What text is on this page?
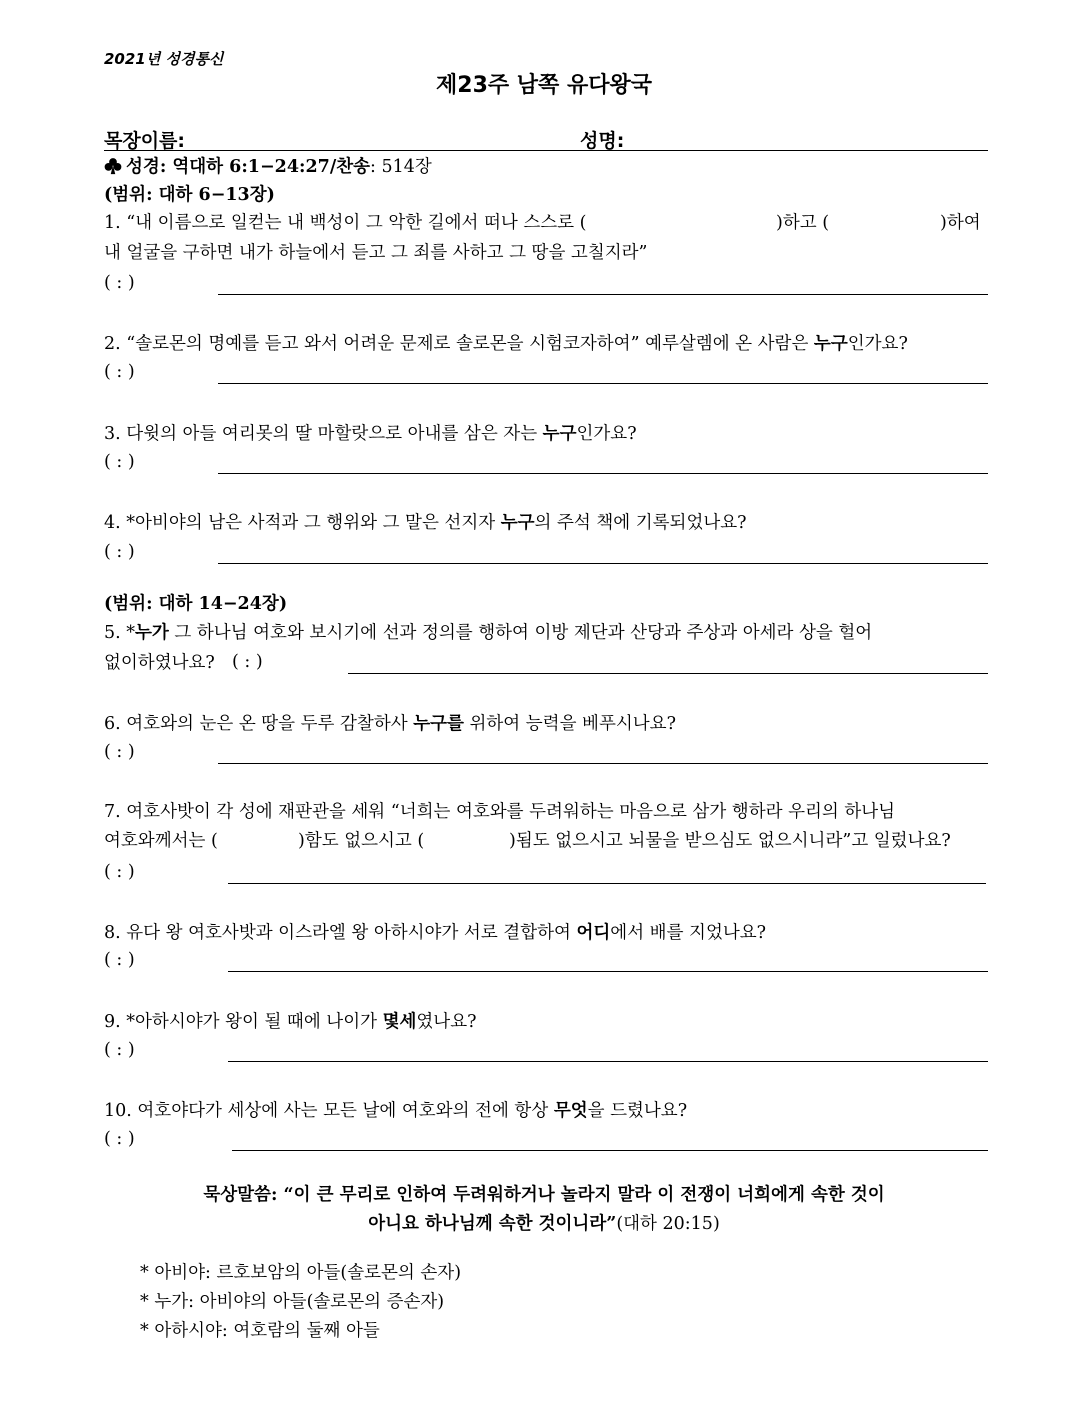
2021년 성경통신
제23주 남쪽 유다왕국
목장이름:	성명:
성경: 역대하 6:1−24:27/찬송: 514장
(범위: 대하 6−13장)
1. “내 이름으로 일컫는 내 백성이 그 악한 길에서 떠나 스스로 (	)하고 (	)하여
내 얼굴을 구하면 내가 하늘에서 듣고 그 죄를 사하고 그 땅을 고칠지라”
( : )
2. “솔로몬의 명예를 듣고 와서 어려운 문제로 솔로몬을 시험코자하여” 예루살렘에 온 사람은 누구인가요?
( : )
3. 다윗의 아들 여리못의 딸 마할랏으로 아내를 삼은 자는 누구인가요?
( : )
4. *아비야의 남은 사적과 그 행위와 그 말은 선지자 누구의 주석 책에 기록되었나요?
( : )
(범위: 대하 14−24장)
5. *누가 그 하나님 여호와 보시기에 선과 정의를 행하여 이방 제단과 산당과 주상과 아세라 상을 헐어
없이하였나요? ( : )
6. 여호와의 눈은 온 땅을 두루 감찰하사 누구를 위하여 능력을 베푸시나요?
( : )
7. 여호사밧이 각 성에 재판관을 세워 “너희는 여호와를 두려워하는 마음으로 삼가 행하라 우리의 하나님
여호와께서는 (	)함도 없으시고 (	)됨도 없으시고 뇌물을 받으심도 없으시니라”고 일렀나요?
( : )
8. 유다 왕 여호사밧과 이스라엘 왕 아하시야가 서로 결합하여 어디에서 배를 지었나요?
( : )
9. *아하시야가 왕이 될 때에 나이가 몇세였나요?
( : )
10. 여호야다가 세상에 사는 모든 날에 여호와의 전에 항상 무엇을 드렸나요?
( : )
묵상말씀: “이 큰 무리로 인하여 두려워하거나 놀라지 말라 이 전쟁이 너희에게 속한 것이
아니요 하나님께 속한 것이니라”(대하 20:15)
* 아비야: 르호보암의 아들(솔로몬의 손자)
* 누가: 아비야의 아들(솔로몬의 증손자)
* 아하시야: 여호람의 둘째 아들
